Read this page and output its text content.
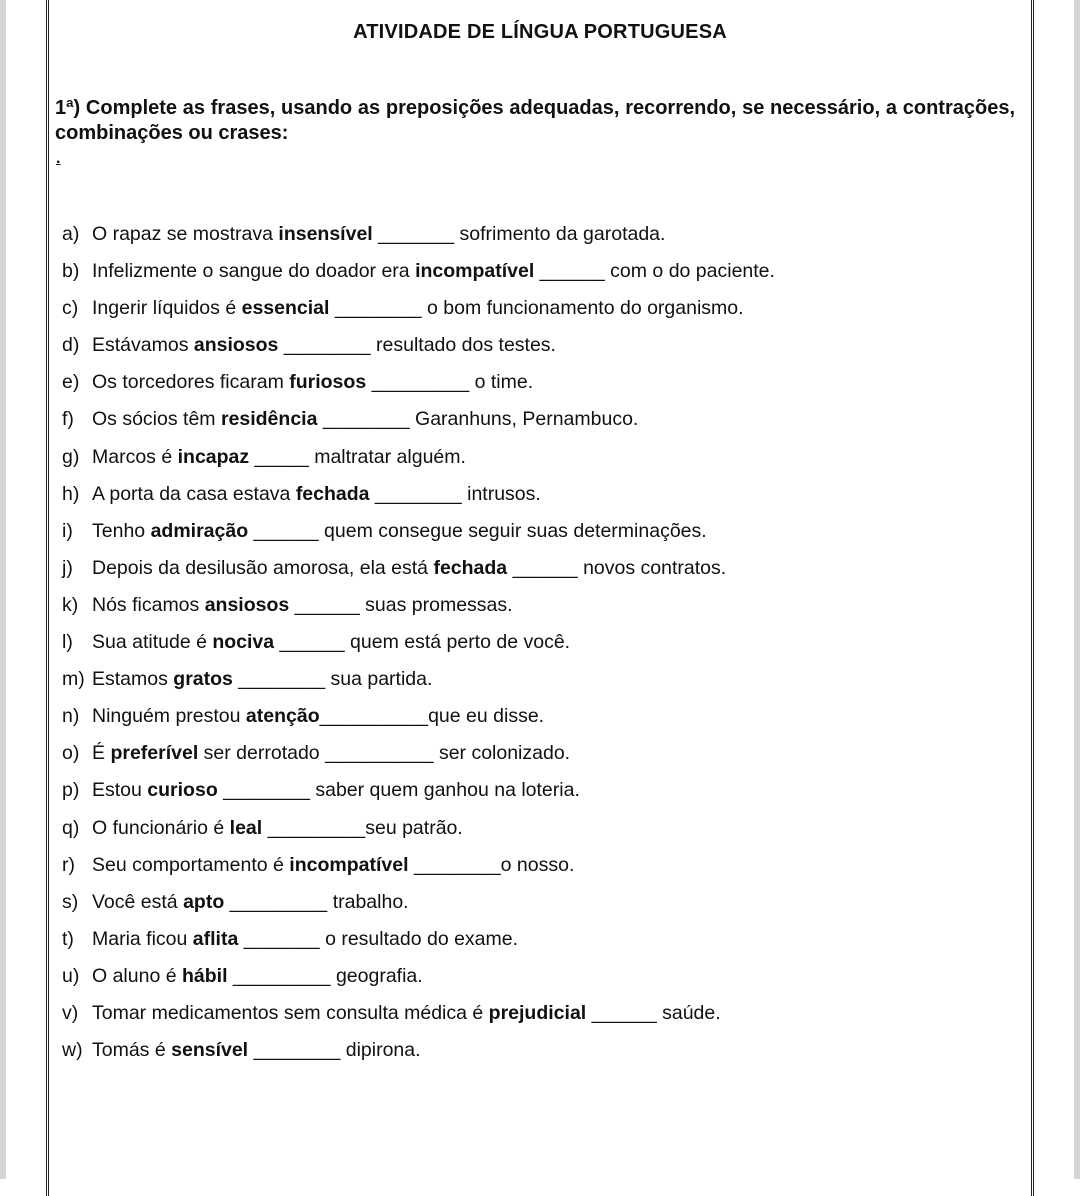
ATIVIDADE DE LÍNGUA PORTUGUESA
1ª) Complete as frases, usando as preposições adequadas, recorrendo, se necessário, a contrações, combinações ou crases:
.
a) O rapaz se mostrava insensível _______ sofrimento da garotada.
b) Infelizmente o sangue do doador era incompatível ______ com o do paciente.
c) Ingerir líquidos é essencial ________ o bom funcionamento do organismo.
d) Estávamos ansiosos ________ resultado dos testes.
e) Os torcedores ficaram furiosos _________ o time.
f) Os sócios têm residência ________ Garanhuns, Pernambuco.
g) Marcos é incapaz _____ maltratar alguém.
h) A porta da casa estava fechada ________ intrusos.
i) Tenho admiração ______ quem consegue seguir suas determinações.
j) Depois da desilusão amorosa, ela está fechada ______ novos contratos.
k) Nós ficamos ansiosos ______ suas promessas.
l) Sua atitude é nociva ______ quem está perto de você.
m) Estamos gratos ________ sua partida.
n) Ninguém prestou atenção__________que eu disse.
o) É preferível ser derrotado __________ ser colonizado.
p) Estou curioso ________ saber quem ganhou na loteria.
q) O funcionário é leal _________seu patrão.
r) Seu comportamento é incompatível ________o nosso.
s) Você está apto _________ trabalho.
t) Maria ficou aflita _______ o resultado do exame.
u) O aluno é hábil _________ geografia.
v) Tomar medicamentos sem consulta médica é prejudicial ______ saúde.
w) Tomás é sensível ________ dipirona.
